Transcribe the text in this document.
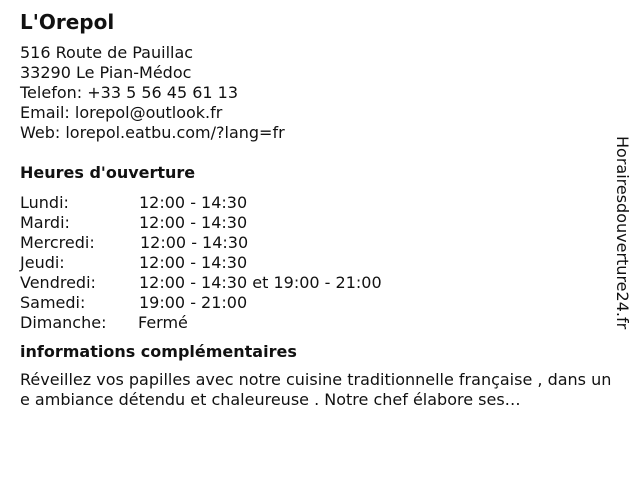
L'Orepol
516 Route de Pauillac
33290 Le Pian-Médoc
Telefon: +33 5 56 45 61 13
Email: lorepol@outlook.fr
Web: lorepol.eatbu.com/?lang=fr
Heures d'ouverture
Lundi:	12:00 - 14:30
Mardi:	12:00 - 14:30
Mercredi:	12:00 - 14:30
Jeudi:	12:00 - 14:30
Vendredi:	12:00 - 14:30 et 19:00 - 21:00
Samedi:	19:00 - 21:00
Dimanche: Fermé
informations complémentaires
Réveillez vos papilles avec notre cuisine traditionnelle française , dans une ambiance détendu et chaleureuse . Notre chef élabore ses…
Horairesdouverture24.fr
